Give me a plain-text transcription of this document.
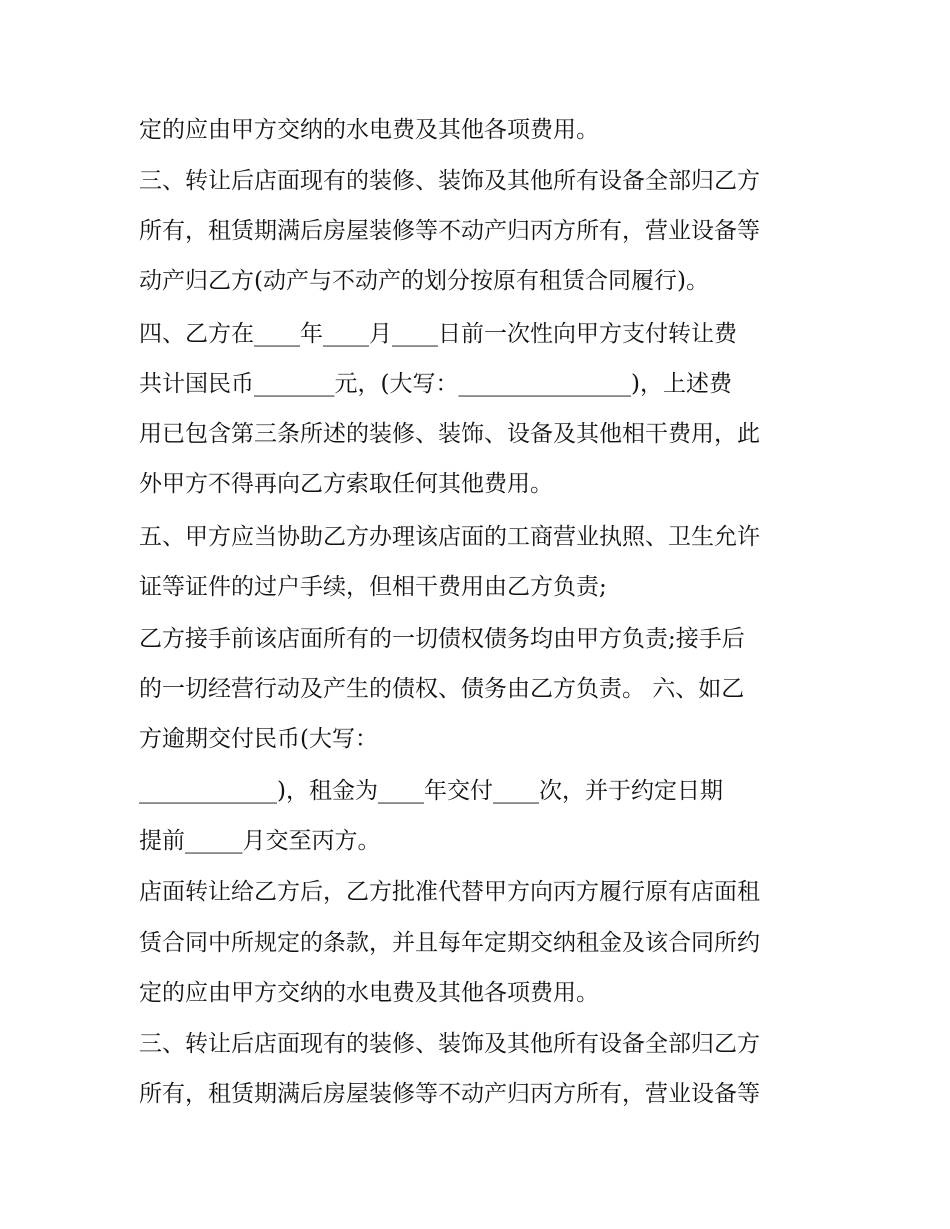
定的应由甲方交纳的水电费及其他各项费用。
三、转让后店面现有的装修、装饰及其他所有设备全部归乙方
所有，租赁期满后房屋装修等不动产归丙方所有，营业设备等
动产归乙方(动产与不动产的划分按原有租赁合同履行)。
四、乙方在____年____月____日前一次性向甲方支付转让费
共计国民币_______元，(大写：_______________)，上述费
用已包含第三条所述的装修、装饰、设备及其他相干费用，此
外甲方不得再向乙方索取任何其他费用。
五、甲方应当协助乙方办理该店面的工商营业执照、卫生允许
证等证件的过户手续，但相干费用由乙方负责;
乙方接手前该店面所有的一切债权债务均由甲方负责;接手后
的一切经营行动及产生的债权、债务由乙方负责。 六、如乙
方逾期交付民币(大写：
____________)，租金为____年交付____次，并于约定日期
提前_____月交至丙方。
店面转让给乙方后，乙方批准代替甲方向丙方履行原有店面租
赁合同中所规定的条款，并且每年定期交纳租金及该合同所约
定的应由甲方交纳的水电费及其他各项费用。
三、转让后店面现有的装修、装饰及其他所有设备全部归乙方
所有，租赁期满后房屋装修等不动产归丙方所有，营业设备等
